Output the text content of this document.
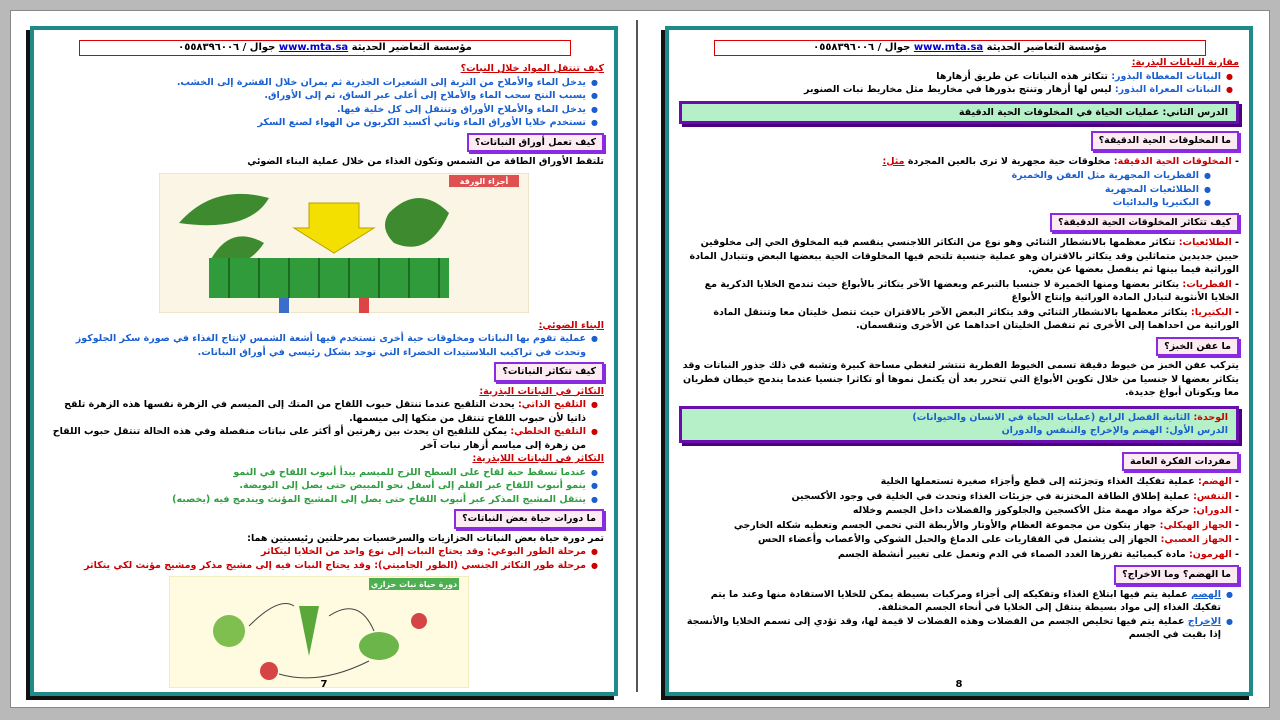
مؤسسة التعاضير الحديثة www.mta.sa جوال / ٠٥٥٨٣٩٦٠٠٦
كيف تنتقل المواد خلال النبات؟
● يدخل الماء والأملاح من التربة إلى الشعيرات الجذرية ثم يمران خلال القشرة إلى الخشب.
● يسبب النتح سحب الماء والأملاح إلى أعلى عبر الساق، ثم إلى الأوراق.
● يدخل الماء والأملاح الأوراق وتنتقل إلى كل خلية فيها.
● تستخدم خلايا الأوراق الماء وثاني أكسيد الكربون من الهواء لصنع السكر
كيف تعمل أوراق النباتات؟
تلتقط الأوراق الطاقة من الشمس وتكون الغذاء من خلال عملية البناء الضوئي
أجزاء الورقة
البناء الضوئي:
● عملية تقوم بها النباتات ومخلوقات حية أخرى تستخدم فيها أشعة الشمس لإنتاج الغذاء في صورة سكر الجلوكوز وتحدث في تراكيب البلاستيدات الخضراء التي توجد بشكل رئيسي في أوراق النباتات.
كيف تتكاثر النباتات؟
التكاثر في النباتات البذرية:
● التلقيح الذاتي: يحدث التلقيح عندما تنتقل حبوب اللقاح من المتك إلى الميسم في الزهرة نفسها هذه الزهرة تلقح ذاتيا لأن حبوب اللقاح تنتقل من متكها إلى ميسمها.
● التلقيح الخلطي: يمكن للتلقيح ان يحدث بين زهرتين أو أكثر على نباتات منفصلة وفي هذه الحالة تنتقل حبوب اللقاح من زهرة إلى مياسم أزهار نبات آخر
التكاثر في النباتات اللابذرية:
● عندما تسقط حبة لقاح على السطح اللزج للميسم يبدأ أنبوب اللقاح في النمو
● ينمو أنبوب اللقاح عبر القلم إلى أسفل نحو المبيض حتى يصل إلى البويضة.
● ينتقل المشيج المذكر عبر أنبوب اللقاح حتى يصل إلى المشيج المؤنث ويندمج فيه (يخصبه)
ما دورات حياة بعض النباتات؟
تمر دورة حياة بعض النباتات الحزازيات والسرخسيات بمرحلتين رئيسيتين هما:
● مرحلة الطور البوغي: وقد يحتاج النبات إلى نوع واحد من الخلايا ليتكاثر
● مرحلة طور التكاثر الجنسي (الطور الجاميتي): وقد يحتاج النبات فيه إلى مشيج مذكر ومشيج مؤنث لكي يتكاثر
دورة حياة نبات حزازي
7
مؤسسة التعاضير الحديثة www.mta.sa جوال / ٠٥٥٨٣٩٦٠٠٦
مقارنة النباتات البذرية:
● النباتات المغطاة البذور: تتكاثر هذه النباتات عن طريق أزهارها
● النباتات المعراة البذور: ليس لها أزهار وتنتج بذورها في مخاريط مثل مخاريط نبات الصنوبر
الدرس الثاني: عمليات الحياة في المخلوقات الحية الدقيقة
ما المخلوقات الحية الدقيقة؟
- المخلوقات الحية الدقيقة: مخلوقات حية مجهرية لا ترى بالعين المجردة مثل:
● الفطريات المجهرية مثل العفن والخميرة
● الطلائعيات المجهرية
● البكتيريا والبدائيات
كيف تتكاثر المخلوقات الحية الدقيقة؟
- الطلائعيات: تتكاثر معظمها بالانشطار الثنائي وهو نوع من التكاثر اللاجنسي ينقسم فيه المخلوق الحي إلى مخلوقين حيين جديدين متماثلين وقد يتكاثر بالاقتران وهو عملية جنسية تلتحم فيها المخلوقات الحية ببعضها البعض وتتبادل المادة الوراثية فيما بينها ثم ينفصل بعضها عن بعض.
- الفطريات: يتكاثر بعضها ومنها الخميرة لا جنسيا بالتبرعم وبعضها الآخر يتكاثر بالأبواغ حيث تندمج الخلايا الذكرية مع الخلايا الأنثوية لتبادل المادة الوراثية وإنتاج الأبواغ
- البكتيريا: يتكاثر معظمها بالانشطار الثنائي وقد يتكاثر البعض الآخر بالاقتران حيث تتصل خليتان معا وتنتقل المادة الوراثية من احداهما إلى الأخرى ثم تنفصل الخليتان احداهما عن الأخرى وتنقسمان.
ما عفن الخبز؟
يتركب عفن الخبز من خيوط دقيقة تسمى الخيوط الفطرية تنتشر لتغطي مساحة كبيرة وتشبه في ذلك جذور النباتات وقد يتكاثر بعضها لا جنسيا من خلال تكوين الأبواغ التي تتحرر بعد أن يكتمل نموها أو تكاثرا جنسيا عندما يندمج خيطان فطريان معا ويكونان أبواغ جديدة.
الوحدة: الثانية الفصل الرابع (عمليات الحياة في الانسان والحيوانات)
الدرس الأول: الهضم والإخراج والتنفس والدوران
مفردات الفكرة العامة
- الهضم: عملية تفكيك الغذاء وتجزئته إلى قطع وأجزاء صغيرة تستعملها الخلية
- التنفس: عملية إطلاق الطاقة المختزنة في جزيئات الغذاء وتحدث في الخلية في وجود الأكسجين
- الدوران: حركة مواد مهمة مثل الأكسجين والجلوكوز والفضلات داخل الجسم وخلاله
- الجهاز الهيكلي: جهاز يتكون من مجموعة العظام والأوتار والأربطة التي تحمي الجسم وتعطيه شكله الخارجي
- الجهاز العصبي: الجهاز إلى يشتمل في الفقاريات على الدماغ والحبل الشوكي والأعصاب وأعضاء الحس
- الهرمون: مادة كيميائية تفرزها الغدد الصماء في الدم وتعمل على تغيير أنشطة الجسم
ما الهضم؟ وما الاخراج؟
● الهضم عملية يتم فيها ابتلاع الغذاء وتفكيكه إلى أجزاء ومركبات بسيطة يمكن للخلايا الاستفادة منها وعند ما يتم تفكيك الغذاء إلى مواد بسيطة ينتقل إلى الخلايا في أنحاء الجسم المختلفة.
● الإخراج عملية يتم فيها تخليص الجسم من الفضلات وهذه الفضلات لا قيمة لها، وقد تؤدي إلى تسمم الخلايا والأنسجة إذا بقيت في الجسم
8
